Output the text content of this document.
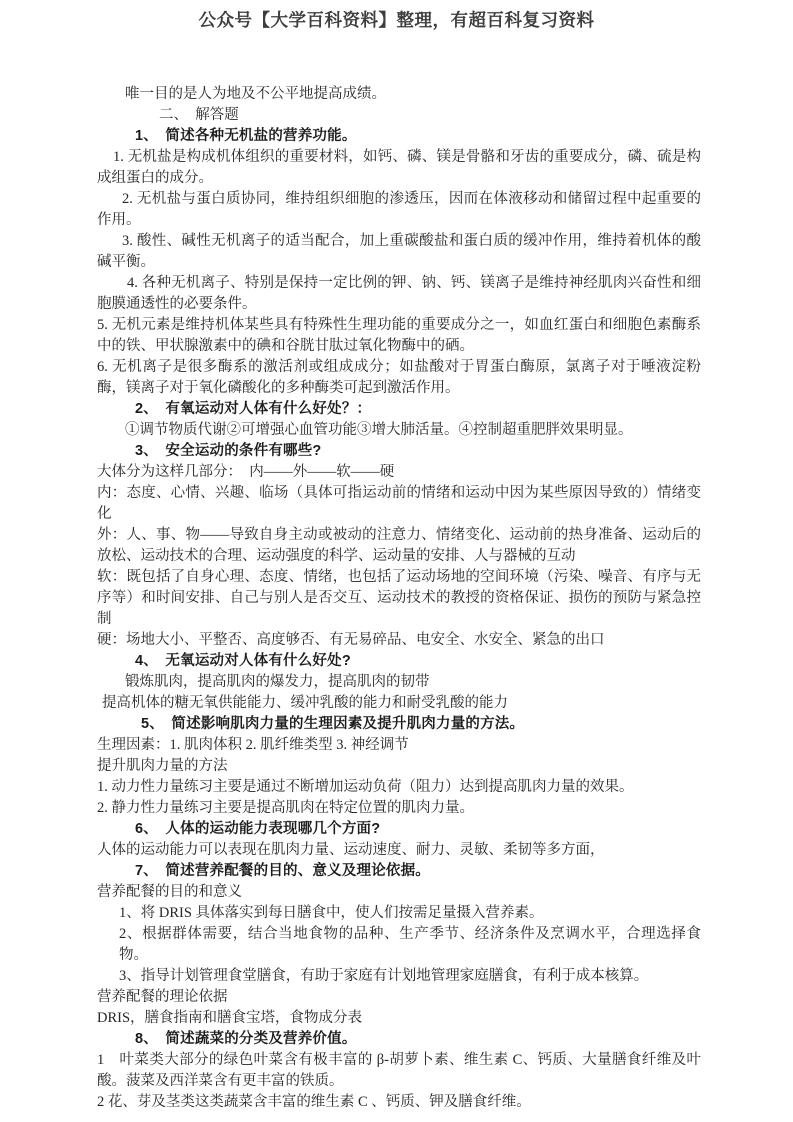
公众号【大学百科资料】整理，有超百科复习资料

唯一目的是人为地及不公平地提高成绩。

二、　解答题

1、　简述各种无机盐的营养功能。

1. 无机盐是构成机体组织的重要材料，如钙、磷、镁是骨骼和牙齿的重要成分，磷、硫是构成组蛋白的成分。

2. 无机盐与蛋白质协同，维持组织细胞的渗透压，因而在体液移动和储留过程中起重要的作用。

3. 酸性、碱性无机离子的适当配合，加上重碳酸盐和蛋白质的缓冲作用，维持着机体的酸碱平衡。

4. 各种无机离子、特别是保持一定比例的钾、钠、钙、镁离子是维持神经肌肉兴奋性和细胞膜通透性的必要条件。

5. 无机元素是维持机体某些具有特殊性生理功能的重要成分之一，如血红蛋白和细胞色素酶系中的铁、甲状腺激素中的碘和谷胱甘肽过氧化物酶中的硒。

6. 无机离子是很多酶系的激活剂或组成成分；如盐酸对于胃蛋白酶原，氯离子对于唾液淀粉酶，镁离子对于氧化磷酸化的多种酶类可起到激活作用。

2、　有氧运动对人体有什么好处？：

①调节物质代谢②可增强心血管功能③增大肺活量。④控制超重肥胖效果明显。

3、　安全运动的条件有哪些?

大体分为这样几部分：　内——外——软——硬

内：态度、心情、兴趣、临场（具体可指运动前的情绪和运动中因为某些原因导致的）情绪变化

外：人、事、物——导致自身主动或被动的注意力、情绪变化、运动前的热身准备、运动后的放松、运动技术的合理、运动强度的科学、运动量的安排、人与器械的互动

软：既包括了自身心理、态度、情绪，也包括了运动场地的空间环境（污染、噪音、有序与无序等）和时间安排、自己与别人是否交互、运动技术的教授的资格保证、损伤的预防与紧急控制

硬：场地大小、平整否、高度够否、有无易碎品、电安全、水安全、紧急的出口

4、　无氧运动对人体有什么好处?

锻炼肌肉，提高肌肉的爆发力，提高肌肉的韧带

提高机体的糖无氧供能能力、缓冲乳酸的能力和耐受乳酸的能力

5、　简述影响肌肉力量的生理因素及提升肌肉力量的方法。

生理因素：1. 肌肉体积 2. 肌纤维类型 3. 神经调节

提升肌肉力量的方法

1. 动力性力量练习主要是通过不断增加运动负荷（阻力）达到提高肌肉力量的效果。

2. 静力性力量练习主要是提高肌肉在特定位置的肌肉力量。

6、　人体的运动能力表现哪几个方面?

人体的运动能力可以表现在肌肉力量、运动速度、耐力、灵敏、柔韧等多方面，

7、　简述营养配餐的目的、意义及理论依据。

营养配餐的目的和意义

1、将 DRIS 具体落实到每日膳食中，使人们按需足量摄入营养素。

2、根据群体需要，结合当地食物的品种、生产季节、经济条件及烹调水平，合理选择食物。

3、指导计划管理食堂膳食，有助于家庭有计划地管理家庭膳食，有利于成本核算。

营养配餐的理论依据

DRIS，膳食指南和膳食宝塔，食物成分表

8、　简述蔬菜的分类及营养价值。

1　叶菜类大部分的绿色叶菜含有极丰富的 β-胡萝卜素、维生素 C、钙质、大量膳食纤维及叶酸。菠菜及西洋菜含有更丰富的铁质。

2 花、芽及茎类这类蔬菜含丰富的维生素 C 、钙质、钾及膳食纤维。
